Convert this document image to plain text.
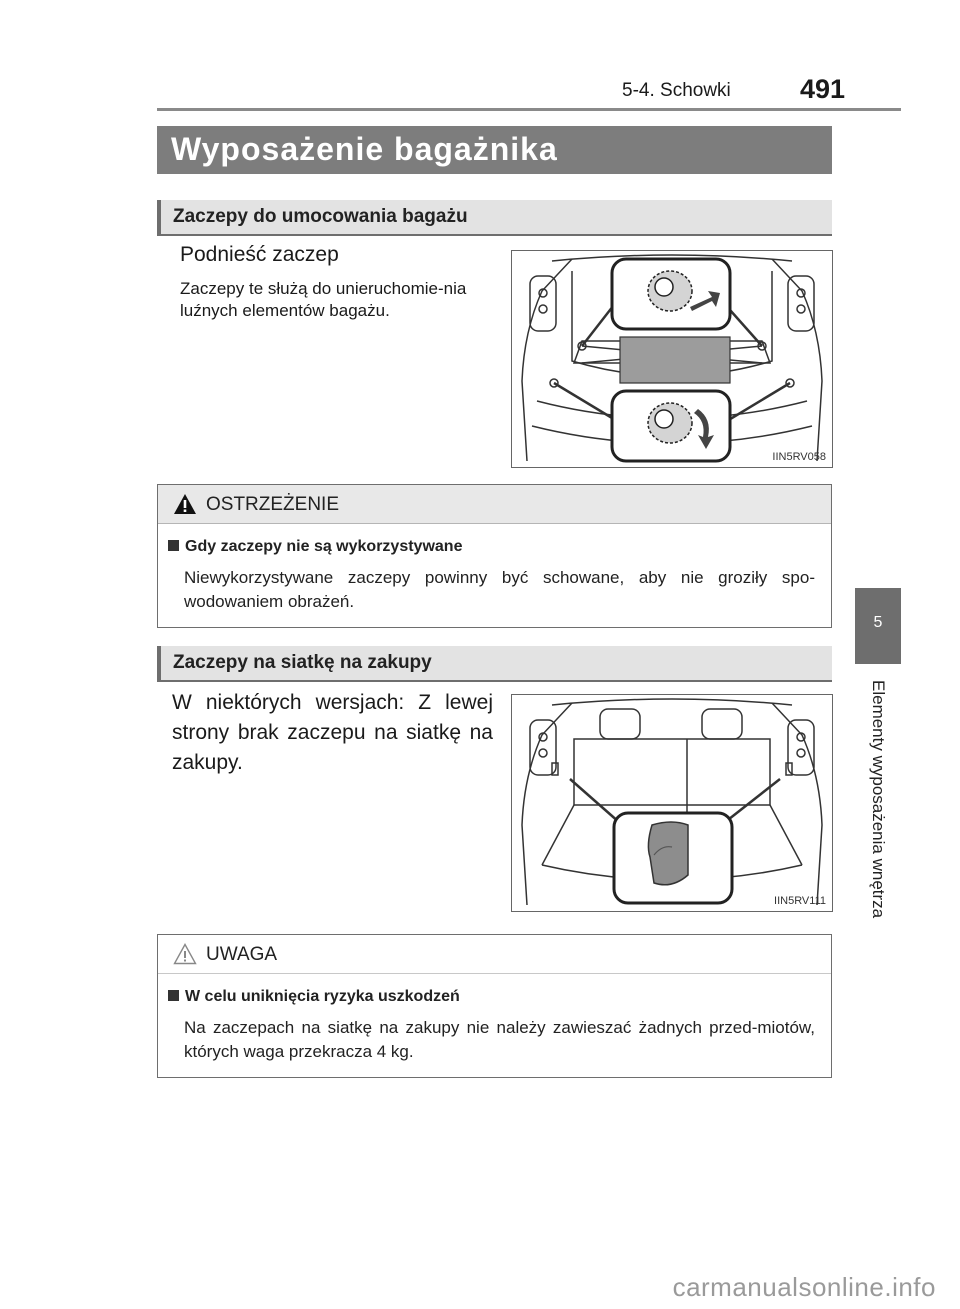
5-4. Schowki	491
Wyposażenie bagażnika
Zaczepy do umocowania bagażu
Podnieść zaczep
Zaczepy te służą do unieruchomie-nia luźnych elementów bagażu.
IIN5RV058
OSTRZEŻENIE
Gdy zaczepy nie są wykorzystywane
Niewykorzystywane zaczepy powinny być schowane, aby nie groziły spo-wodowaniem obrażeń.
Zaczepy na siatkę na zakupy
W niektórych wersjach: Z lewej strony brak zaczepu na siatkę na zakupy.
IIN5RV111
UWAGA
W celu uniknięcia ryzyka uszkodzeń
Na zaczepach na siatkę na zakupy nie należy zawieszać żadnych przed-miotów, których waga przekracza 4 kg.
5
Elementy wyposażenia wnętrza
carmanualsonline.info
